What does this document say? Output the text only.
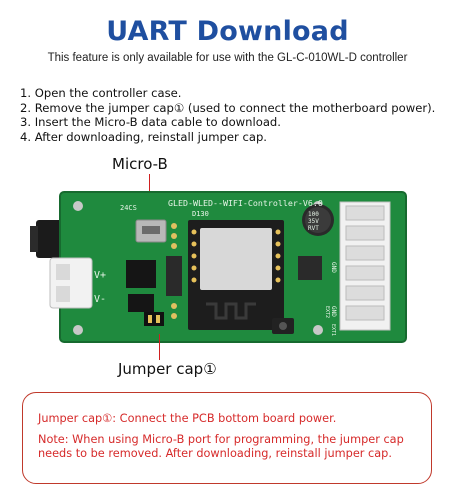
UART Download
This feature is only available for use with the GL-C-010WL-D controller
1. Open the controller case.
2. Remove the jumper cap① (used to connect the motherboard power).
3. Insert the Micro-B data cable to download.
4. After downloading, reinstall jumper cap.
Micro-B
V+
V-
100
35V
RVT
GLED-WLED--WIFI-Controller-V6.0
24CS
D130
GND
GND
EXT2
EXT1
Jumper cap①
Jumper cap①: Connect the PCB bottom board power.
Note: When using Micro-B port for programming, the jumper cap
needs to be removed. After downloading, reinstall jumper cap.
